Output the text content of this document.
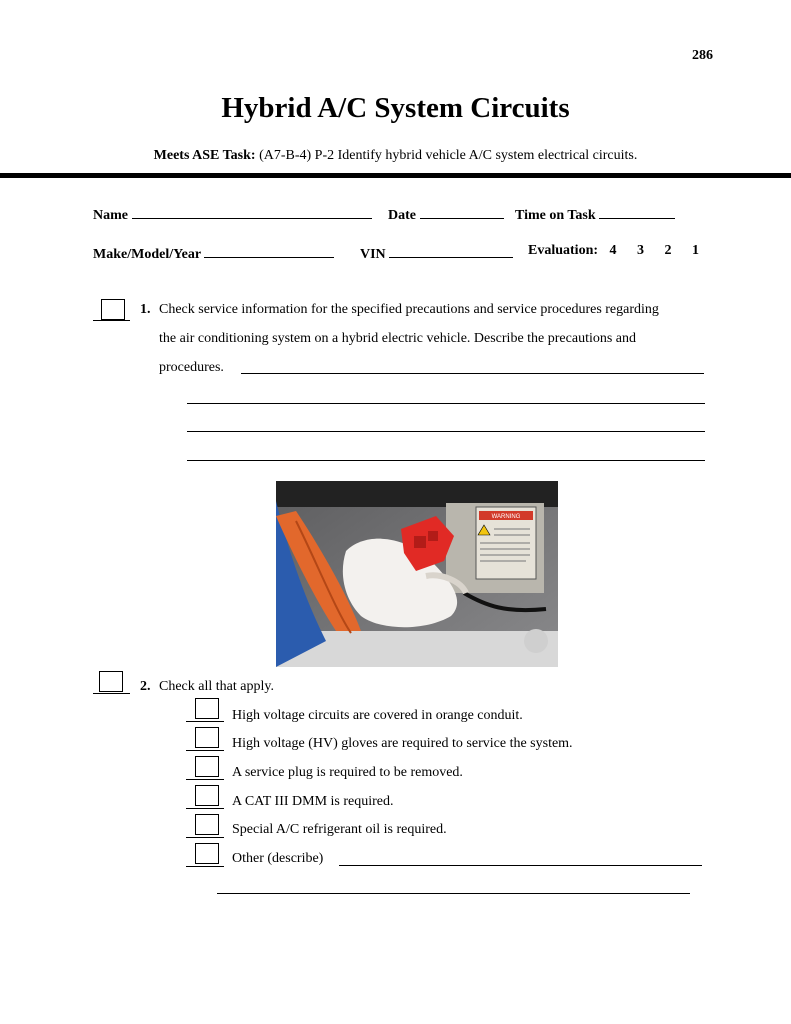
286
Hybrid A/C System Circuits
Meets ASE Task: (A7-B-4) P-2 Identify hybrid vehicle A/C system electrical circuits.
Name	Date	Time on Task
Make/Model/Year	VIN	Evaluation: 4 3 2 1
1. Check service information for the specified precautions and service procedures regarding
the air conditioning system on a hybrid electric vehicle. Describe the precautions and
procedures.
WARNING
2. Check all that apply.
High voltage circuits are covered in orange conduit.
High voltage (HV) gloves are required to service the system.
A service plug is required to be removed.
A CAT III DMM is required.
Special A/C refrigerant oil is required.
Other (describe)
